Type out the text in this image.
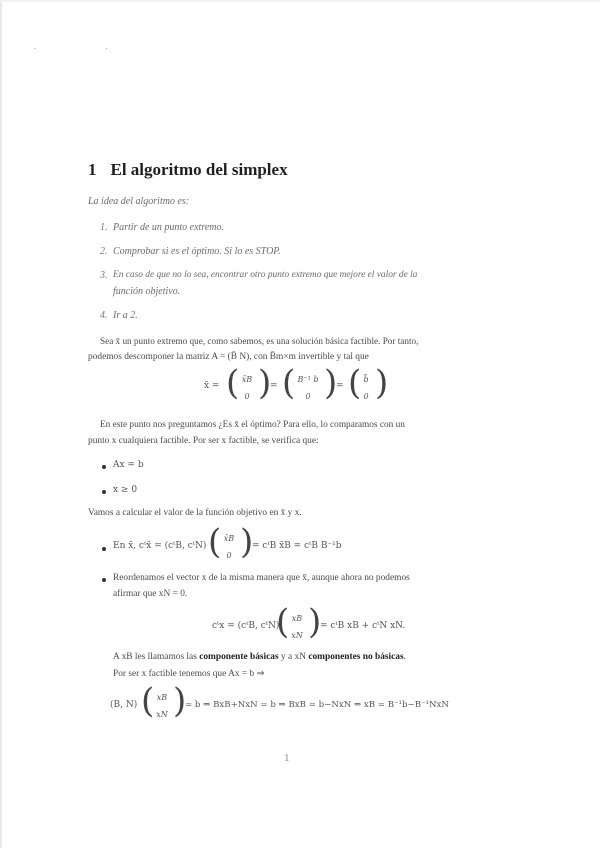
· ·
1 El algoritmo del simplex
La idea del algoritmo es:
1. Partir de un punto extremo.
2. Comprobar si es el óptimo. Si lo es STOP.
3. En caso de que no lo sea, encontrar otro punto extremo que mejore el valor de la
función objetivo.
4. Ir a 2.
Sea x̄ un punto extremo que, como sabemos, es una solución básica factible. Por tanto,
podemos descomponer la matriz A = (B̄ N), con B̄m×m invertible y tal que
x̄ = ( x̄B
0 )
= ( B⁻¹ b
0 )
= ( b̄
0 )
En este punto nos preguntamos ¿Es x̄ el óptimo? Para ello, lo comparamos con un
punto x cualquiera factible. Por ser x factible, se verifica que:
Ax = b
x ≥ 0
Vamos a calcular el valor de la función objetivo en x̄ y x.
En x̄, cᵗx̄ = (cᵗB, cᵗN) ( x̄B
0 )
= cᵗB x̄B = cᵗB B⁻¹b
Reordenamos el vector x de la misma manera que x̄, aunque ahora no podemos
afirmar que xN = 0.
cᵗx = (cᵗB, cᵗN)
( xB
xN )
= cᵗB xB + cᵗN xN.
A xB les llamamos las componente básicas y a xN componentes no básicas.
Por ser x factible tenemos que Ax = b ⇒
(B, N) ( xB
xN )
= b ⇒ BxB+NxN = b ⇒ BxB = b−NxN ⇒ xB = B⁻¹b−B⁻¹NxN
1
